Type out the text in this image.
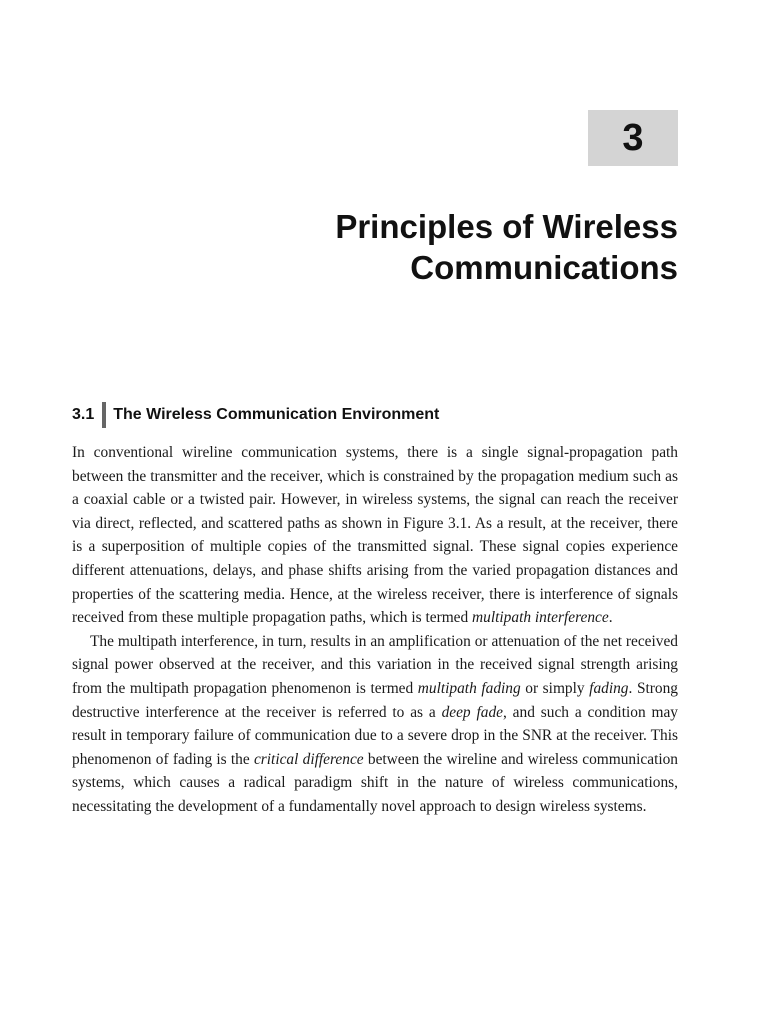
3
Principles of Wireless
Communications
3.1 The Wireless Communication Environment

In conventional wireline communication systems, there is a single signal-propagation path between the transmitter and the receiver, which is constrained by the propagation medium such as a coaxial cable or a twisted pair. However, in wireless systems, the signal can reach the receiver via direct, reflected, and scattered paths as shown in Figure 3.1. As a result, at the receiver, there is a superposition of multiple copies of the transmitted signal. These signal copies experience different attenuations, delays, and phase shifts arising from the varied propagation distances and properties of the scattering media. Hence, at the wireless receiver, there is interference of signals received from these multiple propagation paths, which is termed multipath interference.

The multipath interference, in turn, results in an amplification or attenuation of the net received signal power observed at the receiver, and this variation in the received signal strength arising from the multipath propagation phenomenon is termed multipath fading or simply fading. Strong destructive interference at the receiver is referred to as a deep fade, and such a condition may result in temporary failure of communication due to a severe drop in the SNR at the receiver. This phenomenon of fading is the critical difference between the wireline and wireless communication systems, which causes a radical paradigm shift in the nature of wireless communications, necessitating the development of a fundamentally novel approach to design wireless systems.
